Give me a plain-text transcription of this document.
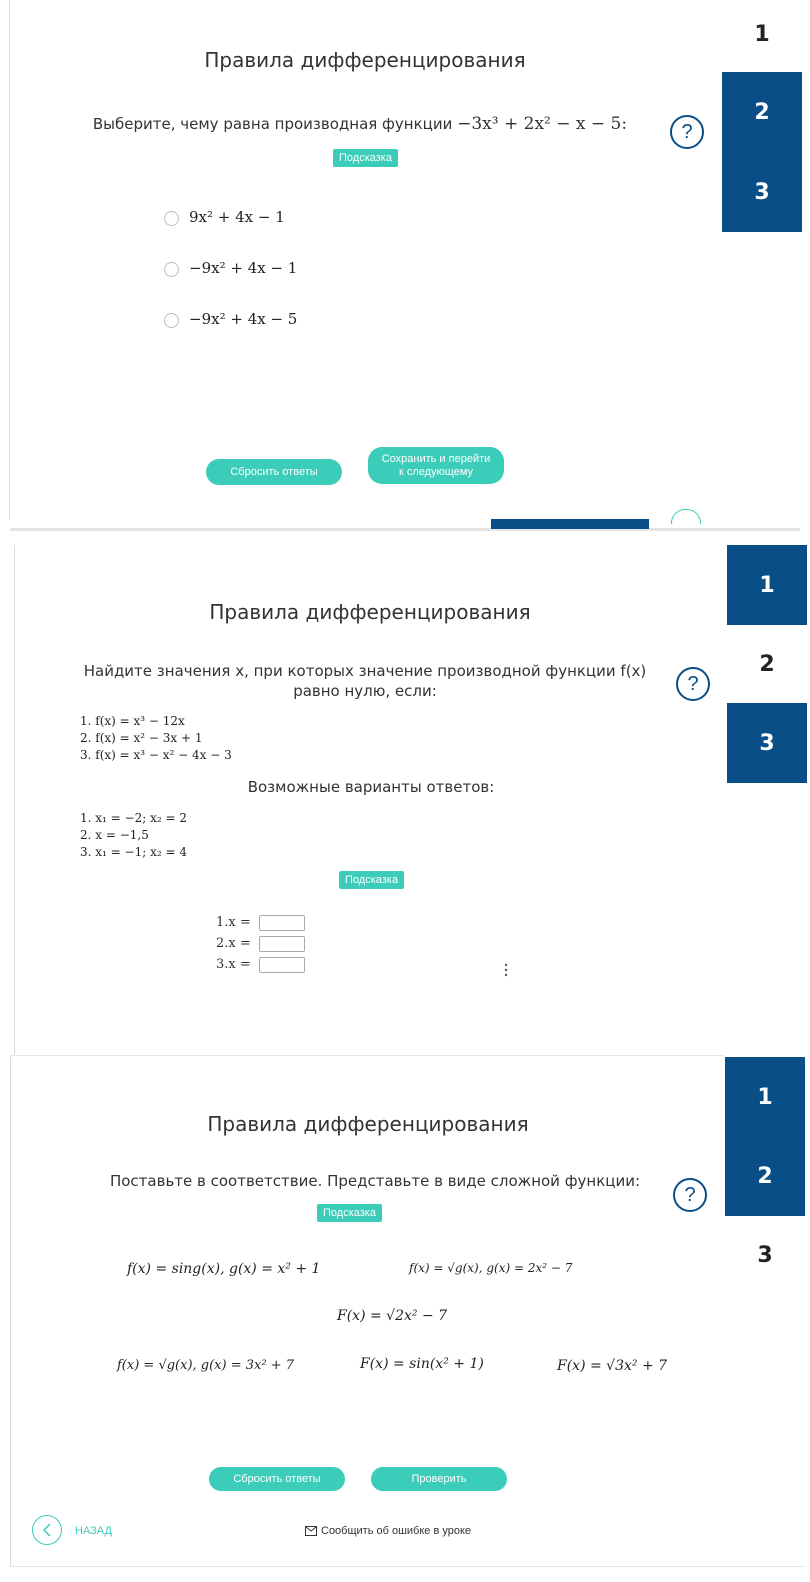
Правила дифференцирования
Выберите, чему равна производная функции −3x³ + 2x² − x − 5:
Подсказка
?
9x² + 4x − 1
−9x² + 4x − 1
−9x² + 4x − 5
Сбросить ответы
Сохранить и перейти к следующему
1
2
3
Правила дифференцирования
Найдите значения x, при которых значение производной функции f(x)
равно нулю, если:	?
1. f(x) = x³ − 12x
2. f(x) = x² − 3x + 1
3. f(x) = x³ − x² − 4x − 3
Возможные варианты ответов:
1. x₁ = −2; x₂ = 2
2. x = −1,5
3. x₁ = −1; x₂ = 4
Подсказка
1.x =
2.x =
3.x =
1
2
3
Правила дифференцирования
Поставьте в соответствие. Представьте в виде сложной функции:
Подсказка
?
f(x) = sing(x), g(x) = x² + 1	f(x) = √g(x), g(x) = 2x² − 7
F(x) = √2x² − 7
f(x) = √g(x), g(x) = 3x² + 7	F(x) = sin(x² + 1)	F(x) = √3x² + 7
Сбросить ответы	Проверить
НАЗАД	Сообщить об ошибке в уроке
1
2
3
